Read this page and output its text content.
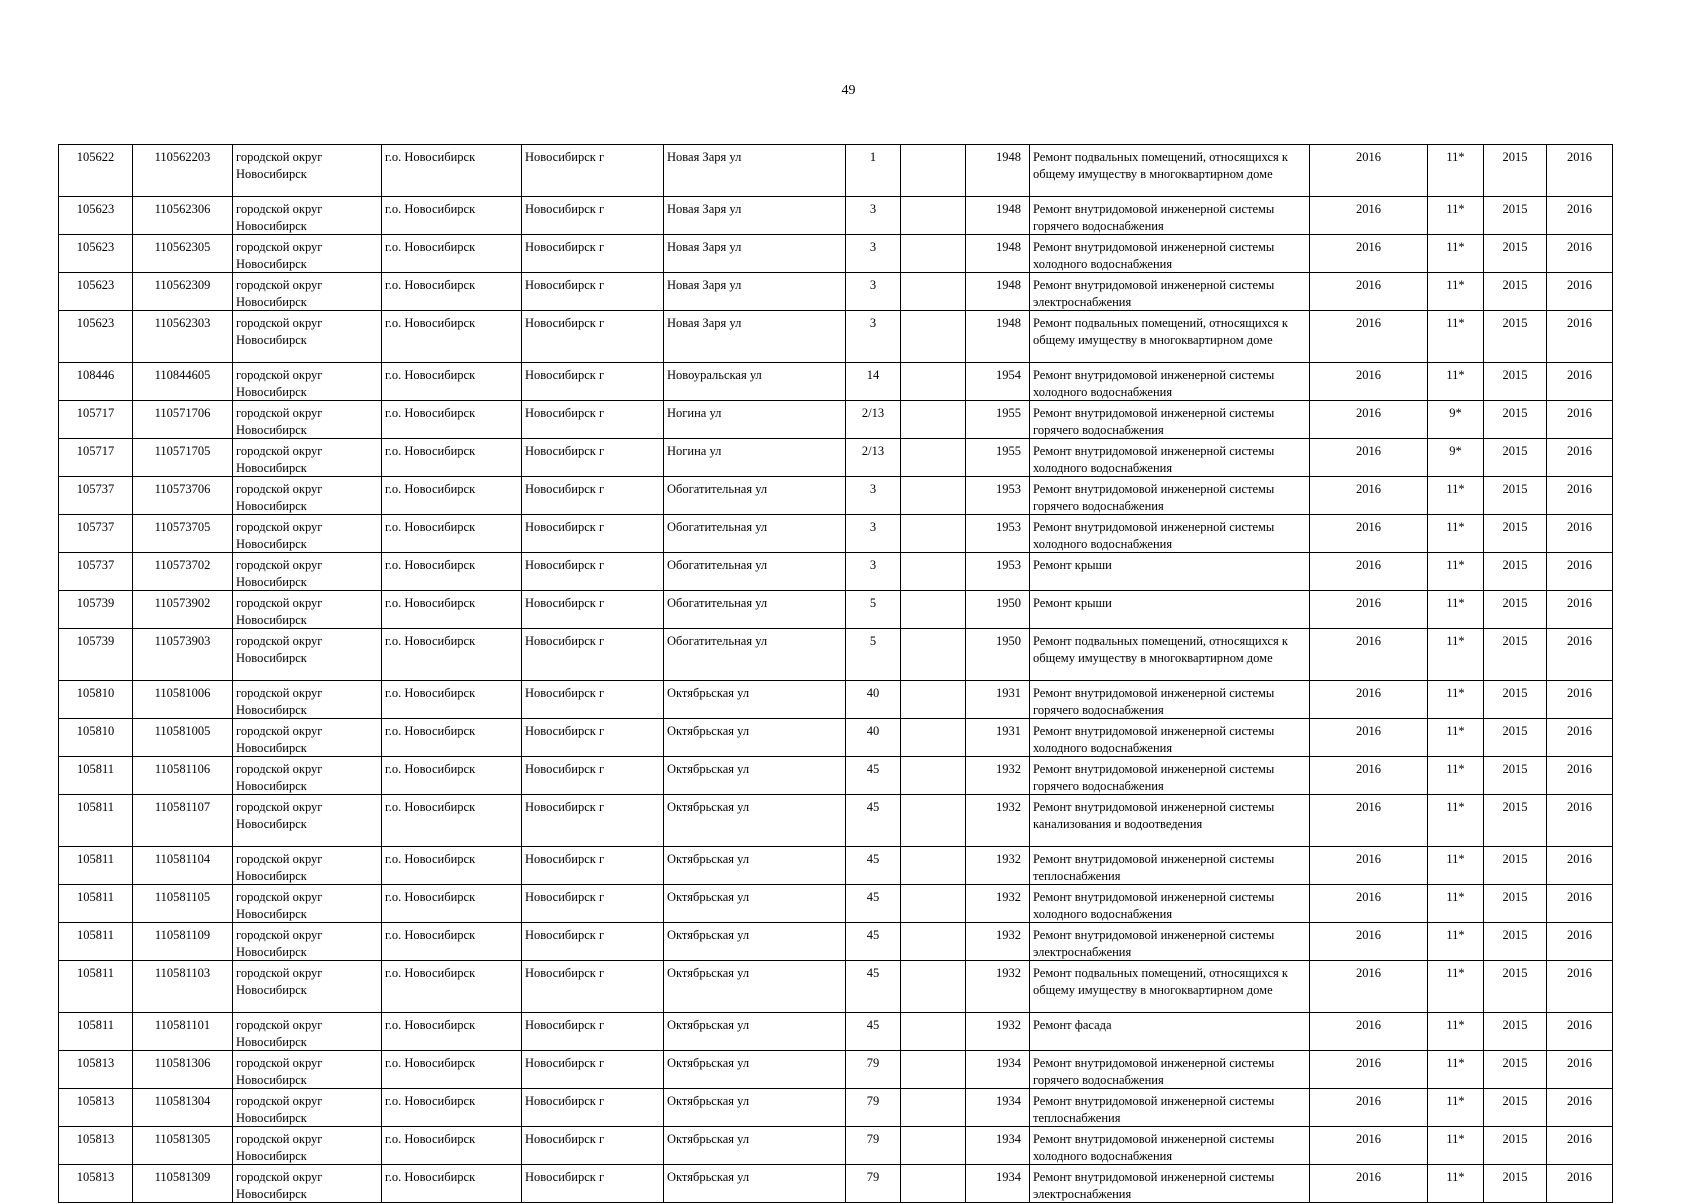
49
105622	110562203	городской округ Новосибирск	г.о. Новосибирск	Новосибирск г	Новая Заря ул	1		1948	Ремонт подвальных помещений, относящихся к общему имуществу в многоквартирном доме	2016	11*	2015	2016
105623	110562306	городской округ Новосибирск	г.о. Новосибирск	Новосибирск г	Новая Заря ул	3		1948	Ремонт внутридомовой инженерной системы горячего водоснабжения	2016	11*	2015	2016
105623	110562305	городской округ Новосибирск	г.о. Новосибирск	Новосибирск г	Новая Заря ул	3		1948	Ремонт внутридомовой инженерной системы холодного водоснабжения	2016	11*	2015	2016
105623	110562309	городской округ Новосибирск	г.о. Новосибирск	Новосибирск г	Новая Заря ул	3		1948	Ремонт внутридомовой инженерной системы электроснабжения	2016	11*	2015	2016
105623	110562303	городской округ Новосибирск	г.о. Новосибирск	Новосибирск г	Новая Заря ул	3		1948	Ремонт подвальных помещений, относящихся к общему имуществу в многоквартирном доме	2016	11*	2015	2016
108446	110844605	городской округ Новосибирск	г.о. Новосибирск	Новосибирск г	Новоуральская ул	14		1954	Ремонт внутридомовой инженерной системы холодного водоснабжения	2016	11*	2015	2016
105717	110571706	городской округ Новосибирск	г.о. Новосибирск	Новосибирск г	Ногина ул	2/13		1955	Ремонт внутридомовой инженерной системы горячего водоснабжения	2016	9*	2015	2016
105717	110571705	городской округ Новосибирск	г.о. Новосибирск	Новосибирск г	Ногина ул	2/13		1955	Ремонт внутридомовой инженерной системы холодного водоснабжения	2016	9*	2015	2016
105737	110573706	городской округ Новосибирск	г.о. Новосибирск	Новосибирск г	Обогатительная ул	3		1953	Ремонт внутридомовой инженерной системы горячего водоснабжения	2016	11*	2015	2016
105737	110573705	городской округ Новосибирск	г.о. Новосибирск	Новосибирск г	Обогатительная ул	3		1953	Ремонт внутридомовой инженерной системы холодного водоснабжения	2016	11*	2015	2016
105737	110573702	городской округ Новосибирск	г.о. Новосибирск	Новосибирск г	Обогатительная ул	3		1953	Ремонт крыши	2016	11*	2015	2016
105739	110573902	городской округ Новосибирск	г.о. Новосибирск	Новосибирск г	Обогатительная ул	5		1950	Ремонт крыши	2016	11*	2015	2016
105739	110573903	городской округ Новосибирск	г.о. Новосибирск	Новосибирск г	Обогатительная ул	5		1950	Ремонт подвальных помещений, относящихся к общему имуществу в многоквартирном доме	2016	11*	2015	2016
105810	110581006	городской округ Новосибирск	г.о. Новосибирск	Новосибирск г	Октябрьская ул	40		1931	Ремонт внутридомовой инженерной системы горячего водоснабжения	2016	11*	2015	2016
105810	110581005	городской округ Новосибирск	г.о. Новосибирск	Новосибирск г	Октябрьская ул	40		1931	Ремонт внутридомовой инженерной системы холодного водоснабжения	2016	11*	2015	2016
105811	110581106	городской округ Новосибирск	г.о. Новосибирск	Новосибирск г	Октябрьская ул	45		1932	Ремонт внутридомовой инженерной системы горячего водоснабжения	2016	11*	2015	2016
105811	110581107	городской округ Новосибирск	г.о. Новосибирск	Новосибирск г	Октябрьская ул	45		1932	Ремонт внутридомовой инженерной системы канализования и водоотведения	2016	11*	2015	2016
105811	110581104	городской округ Новосибирск	г.о. Новосибирск	Новосибирск г	Октябрьская ул	45		1932	Ремонт внутридомовой инженерной системы теплоснабжения	2016	11*	2015	2016
105811	110581105	городской округ Новосибирск	г.о. Новосибирск	Новосибирск г	Октябрьская ул	45		1932	Ремонт внутридомовой инженерной системы холодного водоснабжения	2016	11*	2015	2016
105811	110581109	городской округ Новосибирск	г.о. Новосибирск	Новосибирск г	Октябрьская ул	45		1932	Ремонт внутридомовой инженерной системы электроснабжения	2016	11*	2015	2016
105811	110581103	городской округ Новосибирск	г.о. Новосибирск	Новосибирск г	Октябрьская ул	45		1932	Ремонт подвальных помещений, относящихся к общему имуществу в многоквартирном доме	2016	11*	2015	2016
105811	110581101	городской округ Новосибирск	г.о. Новосибирск	Новосибирск г	Октябрьская ул	45		1932	Ремонт фасада	2016	11*	2015	2016
105813	110581306	городской округ Новосибирск	г.о. Новосибирск	Новосибирск г	Октябрьская ул	79		1934	Ремонт внутридомовой инженерной системы горячего водоснабжения	2016	11*	2015	2016
105813	110581304	городской округ Новосибирск	г.о. Новосибирск	Новосибирск г	Октябрьская ул	79		1934	Ремонт внутридомовой инженерной системы теплоснабжения	2016	11*	2015	2016
105813	110581305	городской округ Новосибирск	г.о. Новосибирск	Новосибирск г	Октябрьская ул	79		1934	Ремонт внутридомовой инженерной системы холодного водоснабжения	2016	11*	2015	2016
105813	110581309	городской округ Новосибирск	г.о. Новосибирск	Новосибирск г	Октябрьская ул	79		1934	Ремонт внутридомовой инженерной системы электроснабжения	2016	11*	2015	2016
